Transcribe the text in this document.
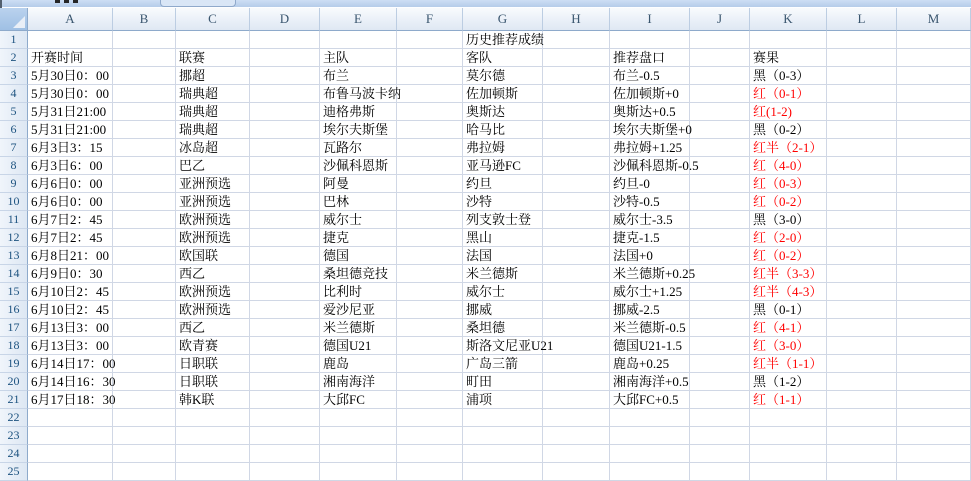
A	B	C	D	E	F	G	H	I	J	K	L	M
1	历史推荐成绩
2	开赛时间	联赛	主队	客队	推荐盘口	赛果
3	5月30日0：00	挪超	布兰	莫尔德	布兰-0.5	黑（0-3）
4	5月30日0：00	瑞典超	布鲁马波卡纳	佐加顿斯	佐加顿斯+0	红（0-1）
5	5月31日21:00	瑞典超	迪格弗斯	奥斯达	奥斯达+0.5	红(1-2)
6	5月31日21:00	瑞典超	埃尔夫斯堡	哈马比	埃尔夫斯堡+0	黑（0-2）
7	6月3日3：15	冰岛超	瓦路尔	弗拉姆	弗拉姆+1.25	红半（2-1）
8	6月3日6：00	巴乙	沙佩科恩斯	亚马逊FC	沙佩科恩斯-0.5	红（4-0）
9	6月6日0：00	亚洲预选	阿曼	约旦	约旦-0	红（0-3）
10 6月6日0：00	亚洲预选	巴林	沙特	沙特-0.5	红（0-2）
11 6月7日2：45	欧洲预选	威尔士	列支敦士登	威尔士-3.5	黑（3-0）
12 6月7日2：45	欧洲预选	捷克	黑山	捷克-1.5	红（2-0）
13 6月8日21：00	欧国联	德国	法国	法国+0	红（0-2）
14 6月9日0：30	西乙	桑坦德竞技	米兰德斯	米兰德斯+0.25	红半（3-3）
15 6月10日2：45	欧洲预选	比利时	威尔士	威尔士+1.25	红半（4-3）
16 6月10日2：45	欧洲预选	爱沙尼亚	挪威	挪威-2.5	黑（0-1）
17 6月13日3：00	西乙	米兰德斯	桑坦德	米兰德斯-0.5	红（4-1）
18 6月13日3：00	欧青赛	德国U21	斯洛文尼亚U21	德国U21-1.5	红（3-0）
19 6月14日17：00	日职联	鹿岛	广岛三箭	鹿岛+0.25	红半（1-1）
20 6月14日16：30	日职联	湘南海洋	町田	湘南海洋+0.5	黑（1-2）
21 6月17日18：30	韩K联	大邱FC	浦项	大邱FC+0.5	红（1-1）
22
23
24
25
